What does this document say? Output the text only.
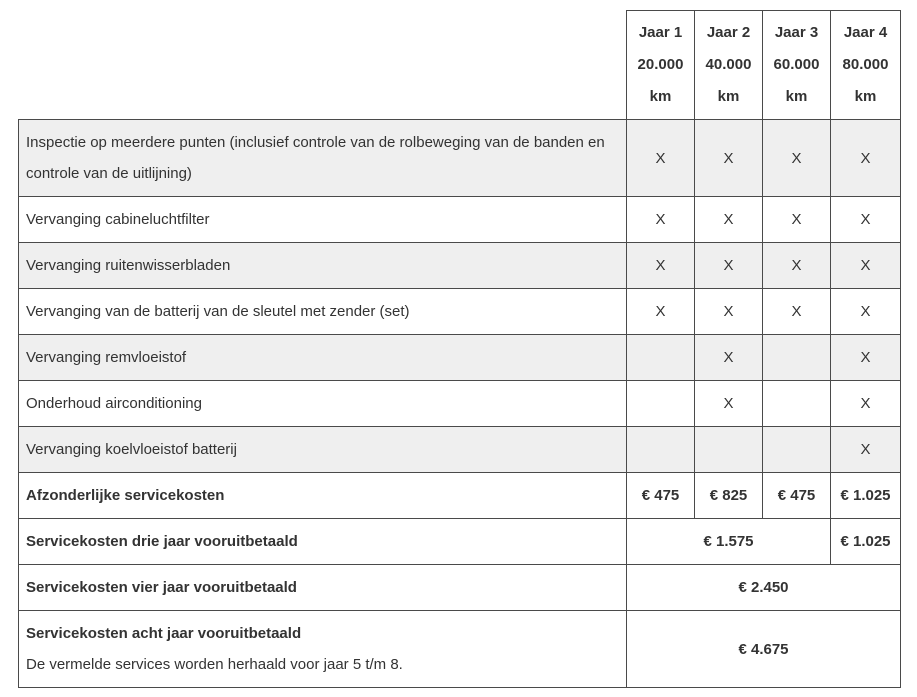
	Jaar 1
20.000
km	Jaar 2
40.000
km	Jaar 3
60.000
km	Jaar 4
80.000
km

Inspectie op meerdere punten (inclusief controle van de rolbeweging van de banden en controle van de uitlijning)	X	X	X	X
Vervanging cabineluchtfilter	X	X	X	X
Vervanging ruitenwisserbladen	X	X	X	X
Vervanging van de batterij van de sleutel met zender (set)	X	X	X	X
Vervanging remvloeistof		X		X
Onderhoud airconditioning		X		X
Vervanging koelvloeistof batterij				X
Afzonderlijke servicekosten	€ 475	€ 825	€ 475	€ 1.025
Servicekosten drie jaar vooruitbetaald	€ 1.575			€ 1.025
Servicekosten vier jaar vooruitbetaald	€ 2.450			

Servicekosten acht jaar vooruitbetaald
De vermelde services worden herhaald voor jaar 5 t/m 8.	€ 4.675			
